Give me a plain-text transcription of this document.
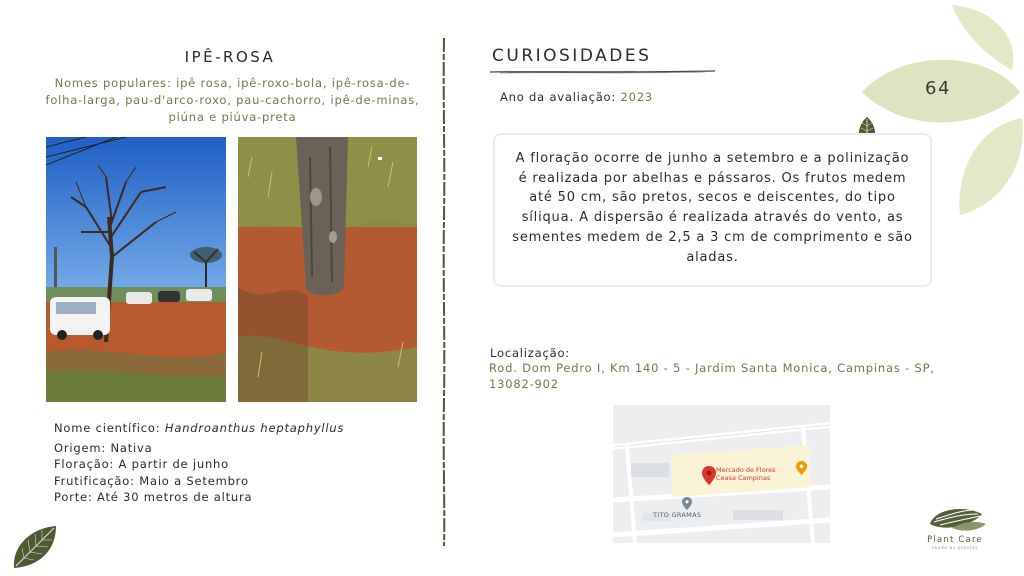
64
IPÊ-ROSA
Nomes populares: ipê rosa, ipê-roxo-bola, ipê-rosa-de-folha-larga, pau-d'arco-roxo, pau-cachorro, ipê-de-minas, piúna e piúva-preta
Nome científico: Handroanthus heptaphyllus
Origem: Nativa
Floração: A partir de junho
Frutificação: Maio a Setembro
Porte: Até 30 metros de altura
CURIOSIDADES
Ano da avaliação: 2023
A floração ocorre de junho a setembro e a polinização é realizada por abelhas e pássaros. Os frutos medem até 50 cm, são pretos, secos e deiscentes, do tipo síliqua. A dispersão é realizada através do vento, as sementes medem de 2,5 a 3 cm de comprimento e são aladas.
Localização:
Rod. Dom Pedro I, Km 140 - 5 - Jardim Santa Monica, Campinas - SP, 13082-902
Mercado de Flores
Ceasa Campinas
TITO GRAMAS
Plant Care
saúde às plantas
